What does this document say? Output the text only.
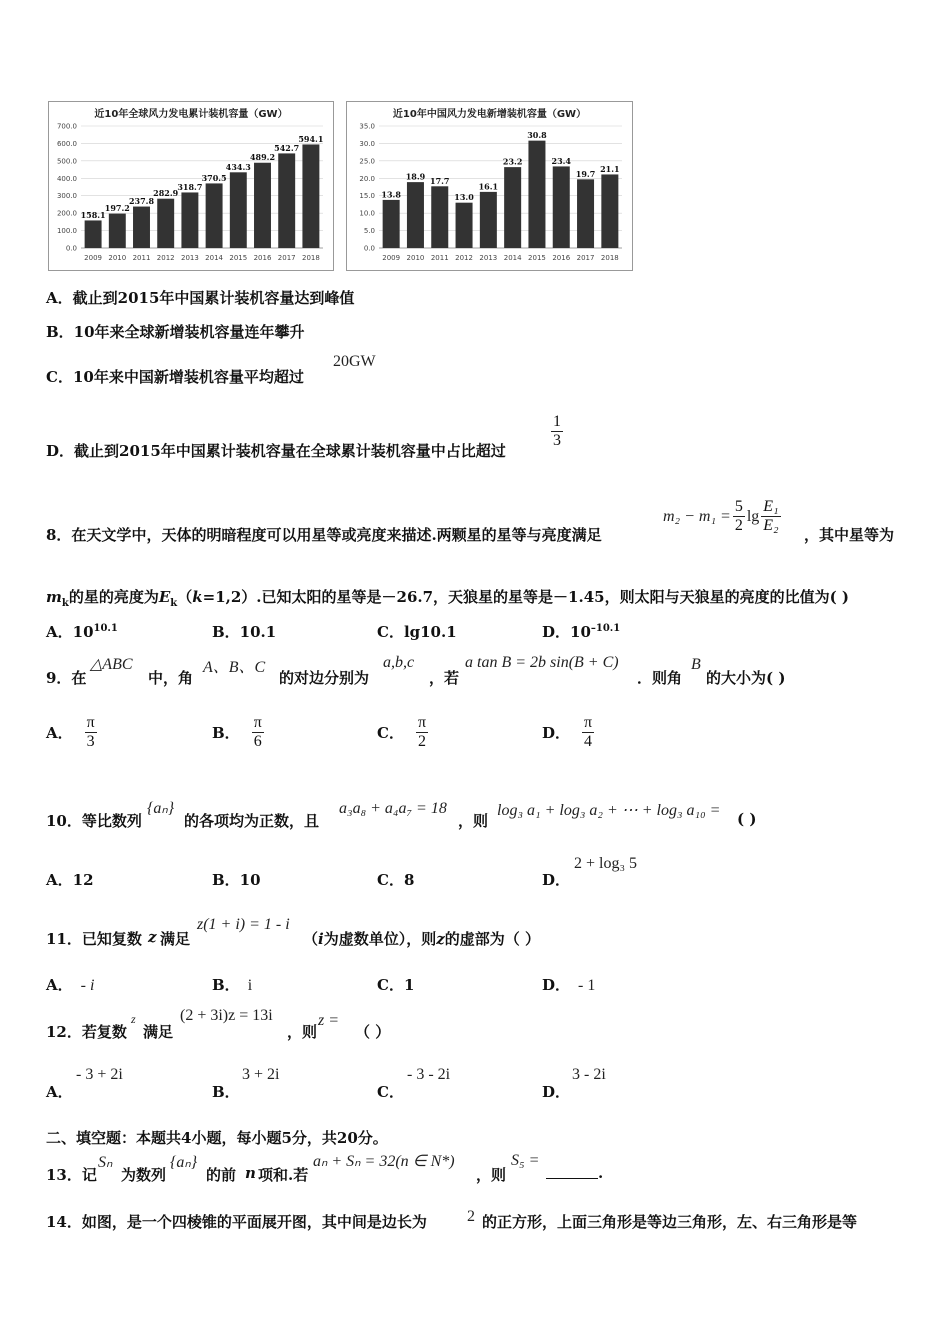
近10年全球风力发电累计装机容量（GW）
0.0
100.0
200.0
300.0
400.0
500.0
600.0
700.0
158.1
2009
197.2
2010
237.8
2011
282.9
2012
318.7
2013
370.5
2014
434.3
2015
489.2
2016
542.7
2017
594.1
2018
近10年中国风力发电新增装机容量（GW）
0.0
5.0
10.0
15.0
20.0
25.0
30.0
35.0
13.8
2009
18.9
2010
17.7
2011
13.0
2012
16.1
2013
23.2
2014
30.8
2015
23.4
2016
19.7
2017
21.1
2018
A．截止到2015年中国累计装机容量达到峰值
B．10年来全球新增装机容量连年攀升
C．10年来中国新增装机容量平均超过
20GW
D．截止到2015年中国累计装机容量在全球累计装机容量中占比超过
$\frac{1}{3}$
8．在天文学中，天体的明暗程度可以用星等或亮度来描述.两颗星的星等与亮度满足
$m_2 - m_1 = \frac{5}{2}$ $\lg \frac{\text{E₁}}{\text{E₂}}$ ，其中星等为
$m_k$的星的亮度为$E_k(k=1,2)$.已知太阳的星等是－26.7，天狼星的星等是－1.45，则太阳与天狼星的亮度的比值为( )
A．$10^{10.1}$	B．10.1	C．lg10.1	D．$10^{-10.1}$
9．在
△ABC
中，角
A、B、C
的对边分别为
a,b,c
，若
a tan B = 2b sin(B + C)
．则角
B
的大小为( )
A． $\frac{\pi}{3}$	B． $\frac{\pi}{6}$	C． $\frac{\pi}{2}$	D． $\frac{\pi}{4}$
10．等比数列
{aₙ}
的各项均为正数，且
a₃a₈ + a₄a₇ = 18
，则
log₃ a₁ + log₃ a₂ + ⋯ + log₃ a₁₀ = ( )
A．12	B．10	C．8	D．
2 + log₃ 5
11．已知复数 z 满足
z(1 + i) = 1 - i
（i为虚数单位），则z的虚部为（ ）
A． - i	B． i	C．1	D． - 1
12．若复数
z
满足
(2 + 3i)z = 13i
，则
z =
（ ）
A．
- 3 + 2i
B．
3 + 2i
C．
- 3 - 2i
D．
3 - 2i
二、填空题：本题共4小题，每小题5分，共20分。
13．记
Sₙ
为数列
{aₙ}
的前 n 项和.若
aₙ + Sₙ = 32(n ∈ N*)
，则
S₅ =
.
14．如图，是一个四棱锥的平面展开图，其中间是边长为	2 的正方形，上面三角形是等边三角形，左、右三角形是等
